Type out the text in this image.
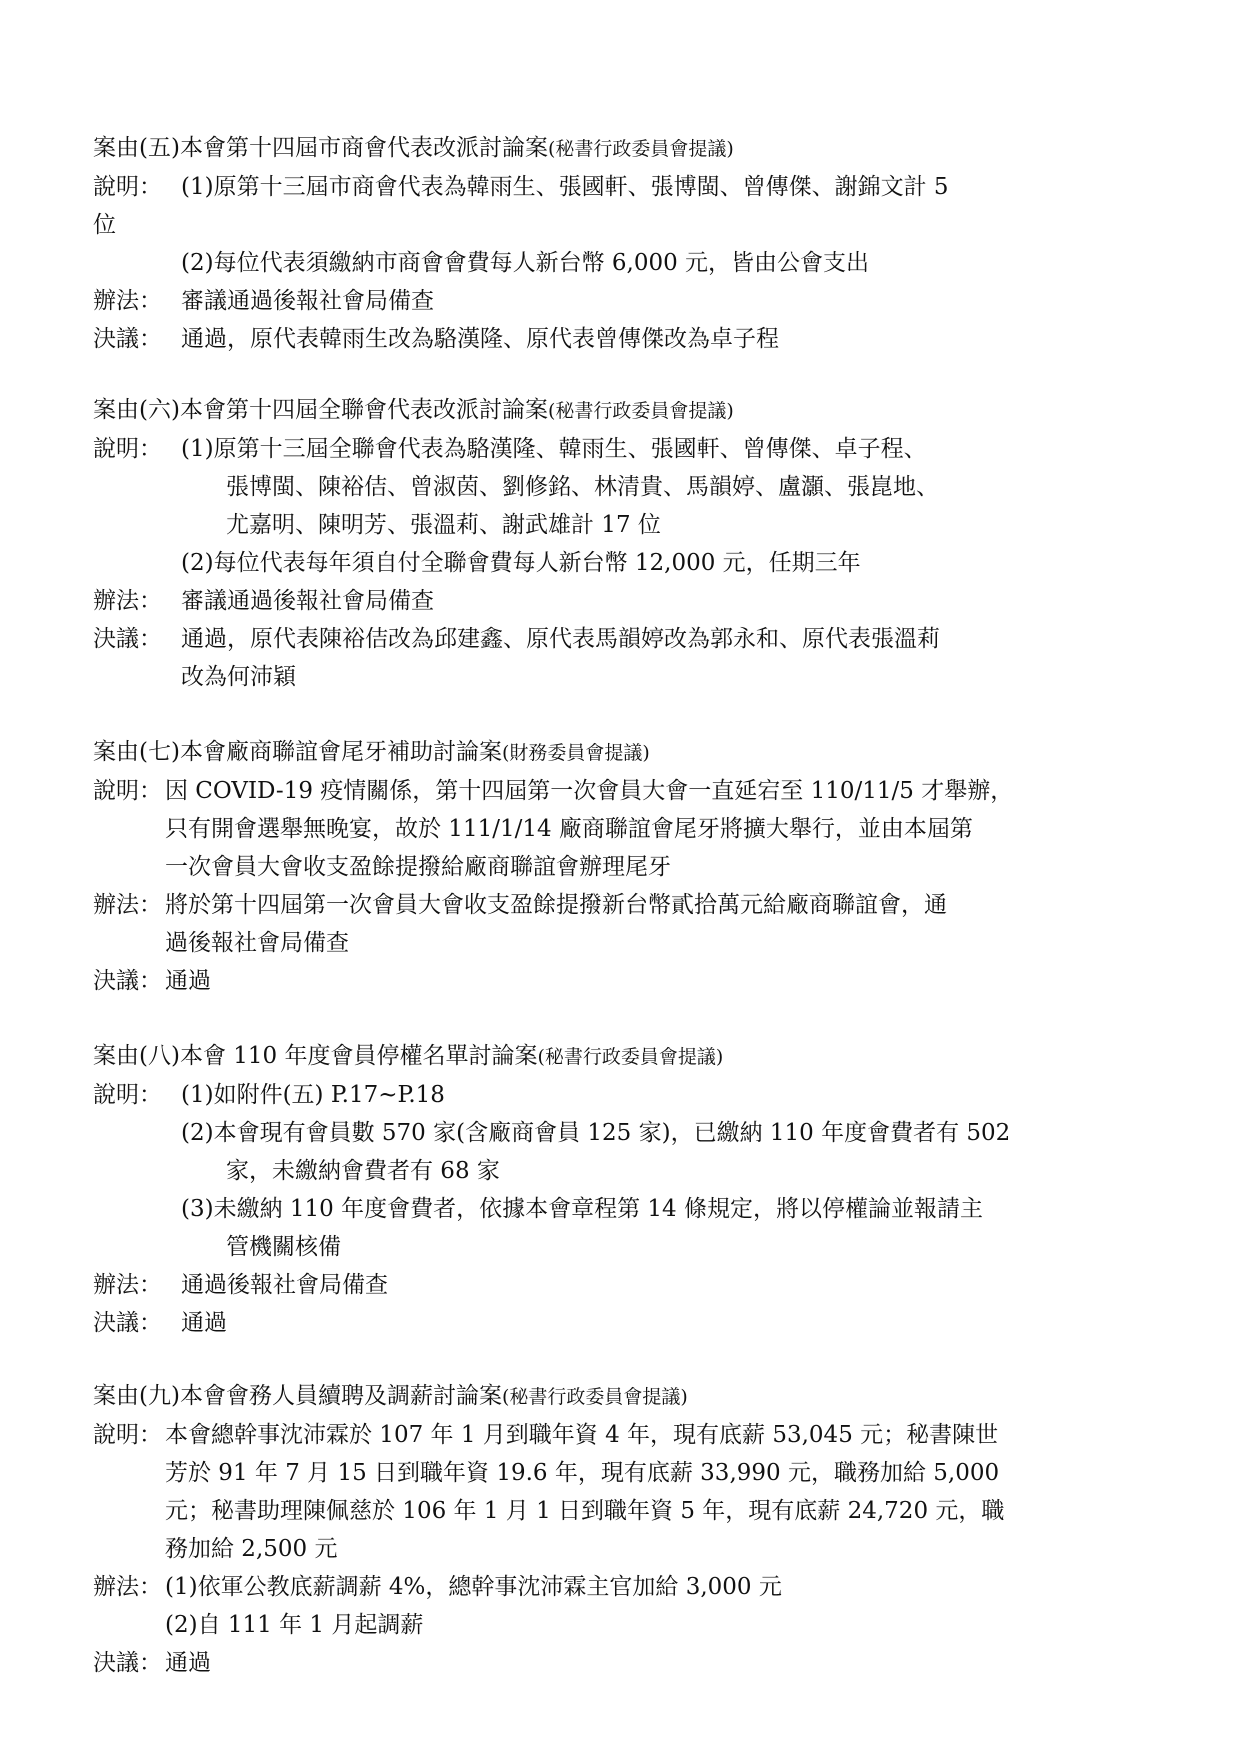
案由(五)本會第十四屆市商會代表改派討論案(秘書行政委員會提議)
說明： (1)原第十三屆市商會代表為韓雨生、張國軒、張博閩、曾傳傑、謝錦文計 5
位
(2)每位代表須繳納市商會會費每人新台幣 6,000 元，皆由公會支出
辦法： 審議通過後報社會局備查
決議： 通過，原代表韓雨生改為駱漢隆、原代表曾傳傑改為卓子程
案由(六)本會第十四屆全聯會代表改派討論案(秘書行政委員會提議)
說明： (1)原第十三屆全聯會代表為駱漢隆、韓雨生、張國軒、曾傳傑、卓子程、
張博閩、陳裕佶、曾淑茵、劉修銘、林清貴、馬韻婷、盧灝、張崑地、
尤嘉明、陳明芳、張溫莉、謝武雄計 17 位
(2)每位代表每年須自付全聯會費每人新台幣 12,000 元，任期三年
辦法： 審議通過後報社會局備查
決議： 通過，原代表陳裕佶改為邱建鑫、原代表馬韻婷改為郭永和、原代表張溫莉
改為何沛穎
案由(七)本會廠商聯誼會尾牙補助討論案(財務委員會提議)
說明： 因 COVID-19 疫情關係，第十四屆第一次會員大會一直延宕至 110/11/5 才舉辦，
只有開會選舉無晚宴，故於 111/1/14 廠商聯誼會尾牙將擴大舉行，並由本屆第
一次會員大會收支盈餘提撥給廠商聯誼會辦理尾牙
辦法： 將於第十四屆第一次會員大會收支盈餘提撥新台幣貳拾萬元給廠商聯誼會，通
過後報社會局備查
決議： 通過
案由(八)本會 110 年度會員停權名單討論案(秘書行政委員會提議)
說明： (1)如附件(五) P.17~P.18
(2)本會現有會員數 570 家(含廠商會員 125 家)，已繳納 110 年度會費者有 502
家，未繳納會費者有 68 家
(3)未繳納 110 年度會費者，依據本會章程第 14 條規定，將以停權論並報請主
管機關核備
辦法： 通過後報社會局備查
決議： 通過
案由(九)本會會務人員續聘及調薪討論案(秘書行政委員會提議)
說明： 本會總幹事沈沛霖於 107 年 1 月到職年資 4 年，現有底薪 53,045 元；秘書陳世
芳於 91 年 7 月 15 日到職年資 19.6 年，現有底薪 33,990 元，職務加給 5,000
元；秘書助理陳佩慈於 106 年 1 月 1 日到職年資 5 年，現有底薪 24,720 元，職
務加給 2,500 元
辦法： (1)依軍公教底薪調薪 4%，總幹事沈沛霖主官加給 3,000 元
(2)自 111 年 1 月起調薪
決議： 通過
